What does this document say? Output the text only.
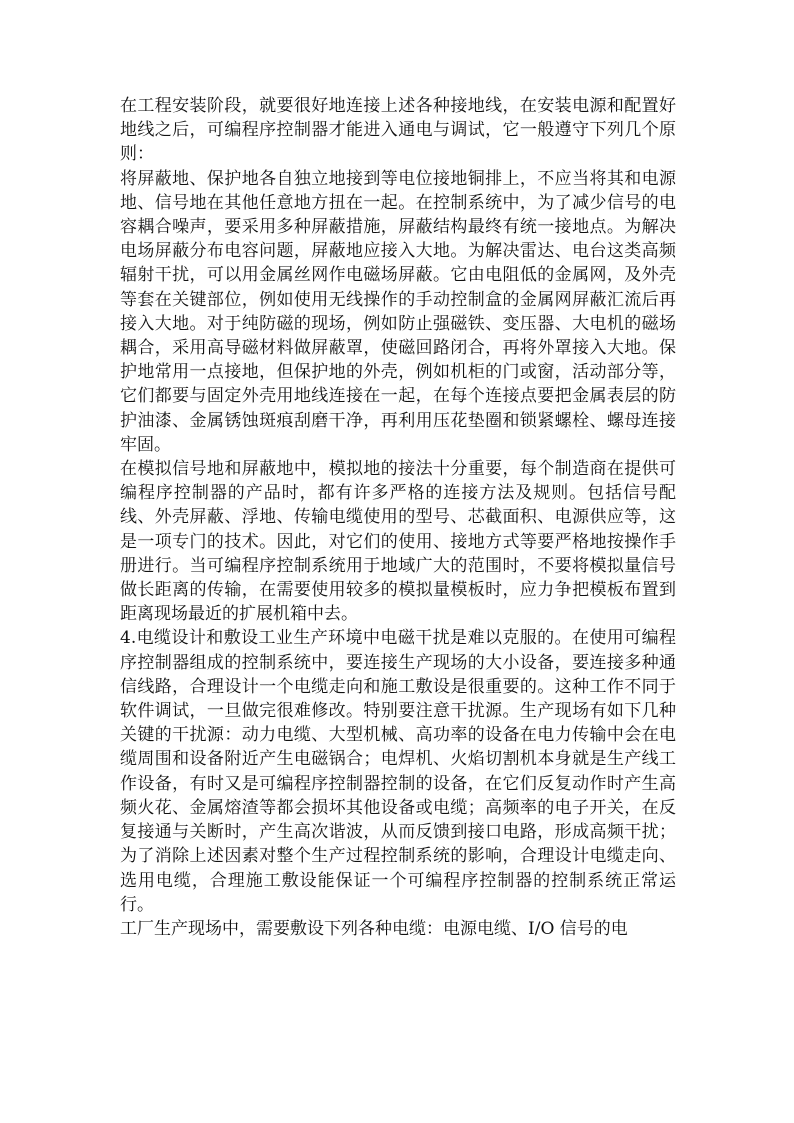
在工程安装阶段，就要很好地连接上述各种接地线，在安装电源和配置好地线之后，可编程序控制器才能进入通电与调试，它一般遵守下列几个原则：

将屏蔽地、保护地各自独立地接到等电位接地铜排上，不应当将其和电源地、信号地在其他任意地方扭在一起。在控制系统中，为了减少信号的电容耦合噪声，要采用多种屏蔽措施，屏蔽结构最终有统一接地点。为解决电场屏蔽分布电容问题，屏蔽地应接入大地。为解决雷达、电台这类高频辐射干扰，可以用金属丝网作电磁场屏蔽。它由电阻低的金属网，及外壳等套在关键部位，例如使用无线操作的手动控制盒的金属网屏蔽汇流后再接入大地。对于纯防磁的现场，例如防止强磁铁、变压器、大电机的磁场耦合，采用高导磁材料做屏蔽罩，使磁回路闭合，再将外罩接入大地。保护地常用一点接地，但保护地的外壳，例如机柜的门或窗，活动部分等，它们都要与固定外壳用地线连接在一起，在每个连接点要把金属表层的防护油漆、金属锈蚀斑痕刮磨干净，再利用压花垫圈和锁紧螺栓、螺母连接牢固。

在模拟信号地和屏蔽地中，模拟地的接法十分重要，每个制造商在提供可编程序控制器的产品时，都有许多严格的连接方法及规则。包括信号配线、外壳屏蔽、浮地、传输电缆使用的型号、芯截面积、电源供应等，这是一项专门的技术。因此，对它们的使用、接地方式等要严格地按操作手册进行。当可编程序控制系统用于地域广大的范围时，不要将模拟量信号做长距离的传输，在需要使用较多的模拟量模板时，应力争把模板布置到距离现场最近的扩展机箱中去。

4.电缆设计和敷设工业生产环境中电磁干扰是难以克服的。在使用可编程序控制器组成的控制系统中，要连接生产现场的大小设备，要连接多种通信线路，合理设计一个电缆走向和施工敷设是很重要的。这种工作不同于软件调试，一旦做完很难修改。特别要注意干扰源。生产现场有如下几种关键的干扰源：动力电缆、大型机械、高功率的设备在电力传输中会在电缆周围和设备附近产生电磁锅合；电焊机、火焰切割机本身就是生产线工作设备，有时又是可编程序控制器控制的设备，在它们反复动作时产生高频火花、金属熔渣等都会损坏其他设备或电缆；高频率的电子开关，在反复接通与关断时，产生高次谐波，从而反馈到接口电路，形成高频干扰；为了消除上述因素对整个生产过程控制系统的影响，合理设计电缆走向、选用电缆，合理施工敷设能保证一个可编程序控制器的控制系统正常运行。

工厂生产现场中，需要敷设下列各种电缆：电源电缆、I/O 信号的电
